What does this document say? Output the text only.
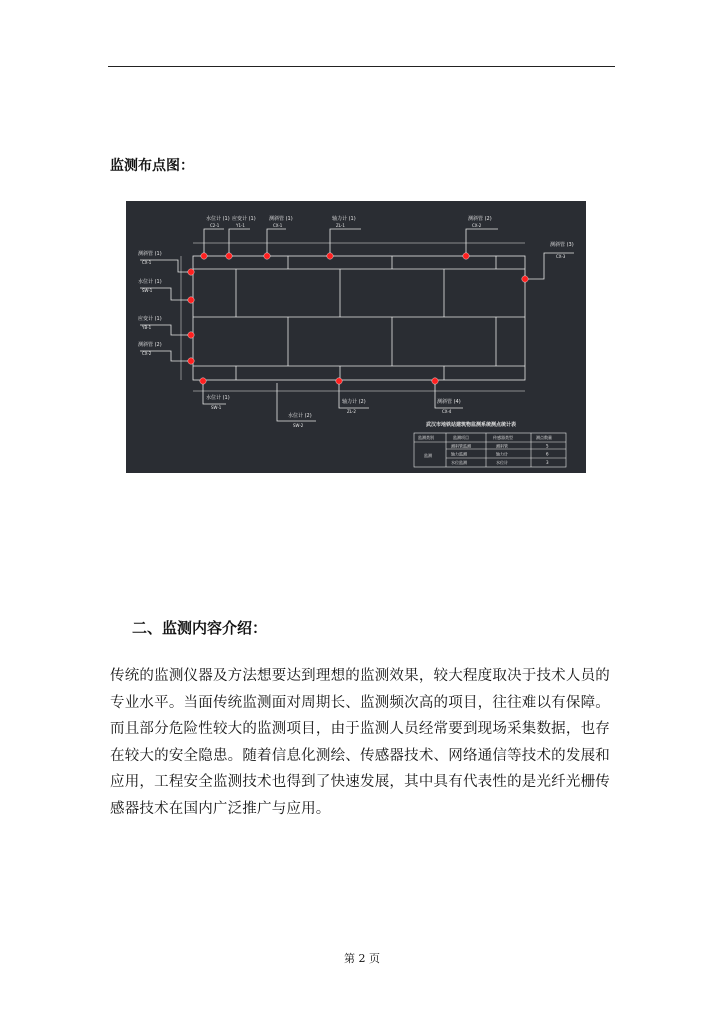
监测布点图：
水位计 (1)
C2-1
应变计 (1)
Y1-1
测斜管 (1)
CX-1
轴力计 (1)
ZL-1
测斜管 (2)
CX-2
测斜管 (1)
CX-1
水位计 (1)
SW-1
应变计 (1)
YB-1
测斜管 (2)
CX-2
测斜管 (3)
CX-3
水位计 (1)
SW-1
水位计 (2)
SW-2
轴力计 (2)
ZL-2
测斜管 (4)
CX-4
武汉市地铁站建筑物监测系统测点统计表
监测类别	监测项目	传感器类型	测点数量
监测
测斜管监测	测斜管	5
轴力监测	轴力计	6
水位监测	水位计	3
二、监测内容介绍：

传统的监测仪器及方法想要达到理想的监测效果，较大程度取决于技术人员的专业水平。当面传统监测面对周期长、监测频次高的项目，往往难以有保障。而且部分危险性较大的监测项目，由于监测人员经常要到现场采集数据，也存在较大的安全隐患。随着信息化测绘、传感器技术、网络通信等技术的发展和应用，工程安全监测技术也得到了快速发展，其中具有代表性的是光纤光栅传感器技术在国内广泛推广与应用。

第 2 页
